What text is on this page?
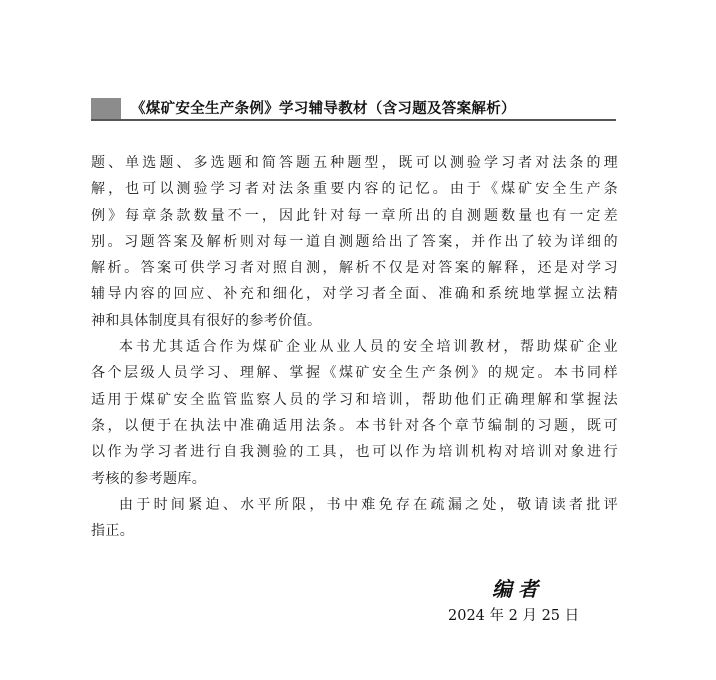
《煤矿安全生产条例》学习辅导教材（含习题及答案解析）
题、单选题、多选题和简答题五种题型，既可以测验学习者对法条的理
解，也可以测验学习者对法条重要内容的记忆。由于《煤矿安全生产条
例》每章条款数量不一，因此针对每一章所出的自测题数量也有一定差
别。习题答案及解析则对每一道自测题给出了答案，并作出了较为详细的
解析。答案可供学习者对照自测，解析不仅是对答案的解释，还是对学习
辅导内容的回应、补充和细化，对学习者全面、准确和系统地掌握立法精
神和具体制度具有很好的参考价值。
本书尤其适合作为煤矿企业从业人员的安全培训教材，帮助煤矿企业
各个层级人员学习、理解、掌握《煤矿安全生产条例》的规定。本书同样
适用于煤矿安全监管监察人员的学习和培训，帮助他们正确理解和掌握法
条，以便于在执法中准确适用法条。本书针对各个章节编制的习题，既可
以作为学习者进行自我测验的工具，也可以作为培训机构对培训对象进行
考核的参考题库。
由于时间紧迫、水平所限，书中难免存在疏漏之处，敬请读者批评
指正。
编者
2024 年 2 月 25 日
